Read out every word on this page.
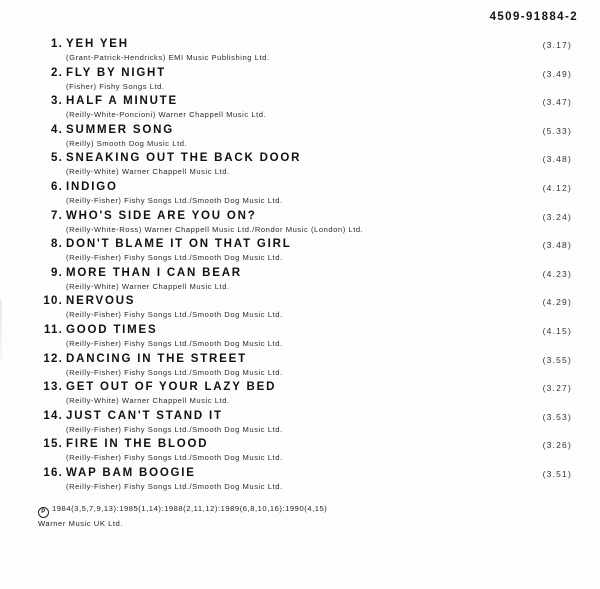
4509-91884-2
1. YEH YEH	(3.17)
(Grant-Patrick-Hendricks) EMI Music Publishing Ltd.
2. FLY BY NIGHT	(3.49)
(Fisher) Fishy Songs Ltd.
3. HALF A MINUTE	(3.47)
(Reilly-White-Poncioni) Warner Chappell Music Ltd.
4. SUMMER SONG	(5.33)
(Reilly) Smooth Dog Music Ltd.
5. SNEAKING OUT THE BACK DOOR	(3.48)
(Reilly-White) Warner Chappell Music Ltd.
6. INDIGO	(4.12)
(Reilly-Fisher) Fishy Songs Ltd./Smooth Dog Music Ltd.
7. WHO'S SIDE ARE YOU ON?	(3.24)
(Reilly-White-Ross) Warner Chappell Music Ltd./Rondor Music (London) Ltd.
8. DON'T BLAME IT ON THAT GIRL	(3.48)
(Reilly-Fisher) Fishy Songs Ltd./Smooth Dog Music Ltd.
9. MORE THAN I CAN BEAR	(4.23)
(Reilly-White) Warner Chappell Music Ltd.
10. NERVOUS	(4.29)
(Reilly-Fisher) Fishy Songs Ltd./Smooth Dog Music Ltd.
11. GOOD TIMES	(4.15)
(Reilly-Fisher) Fishy Songs Ltd./Smooth Dog Music Ltd.
12. DANCING IN THE STREET	(3.55)
(Reilly-Fisher) Fishy Songs Ltd./Smooth Dog Music Ltd.
13. GET OUT OF YOUR LAZY BED	(3.27)
(Reilly-White) Warner Chappell Music Ltd.
14. JUST CAN'T STAND IT	(3.53)
(Reilly-Fisher) Fishy Songs Ltd./Smooth Dog Music Ltd.
15. FIRE IN THE BLOOD	(3.26)
(Reilly-Fisher) Fishy Songs Ltd./Smooth Dog Music Ltd.
16. WAP BAM BOOGIE	(3.51)
(Reilly-Fisher) Fishy Songs Ltd./Smooth Dog Music Ltd.
P 1984(3,5,7,9,13):1985(1,14):1988(2,11,12):1989(6,8,10,16):1990(4,15)
Warner Music UK Ltd.
